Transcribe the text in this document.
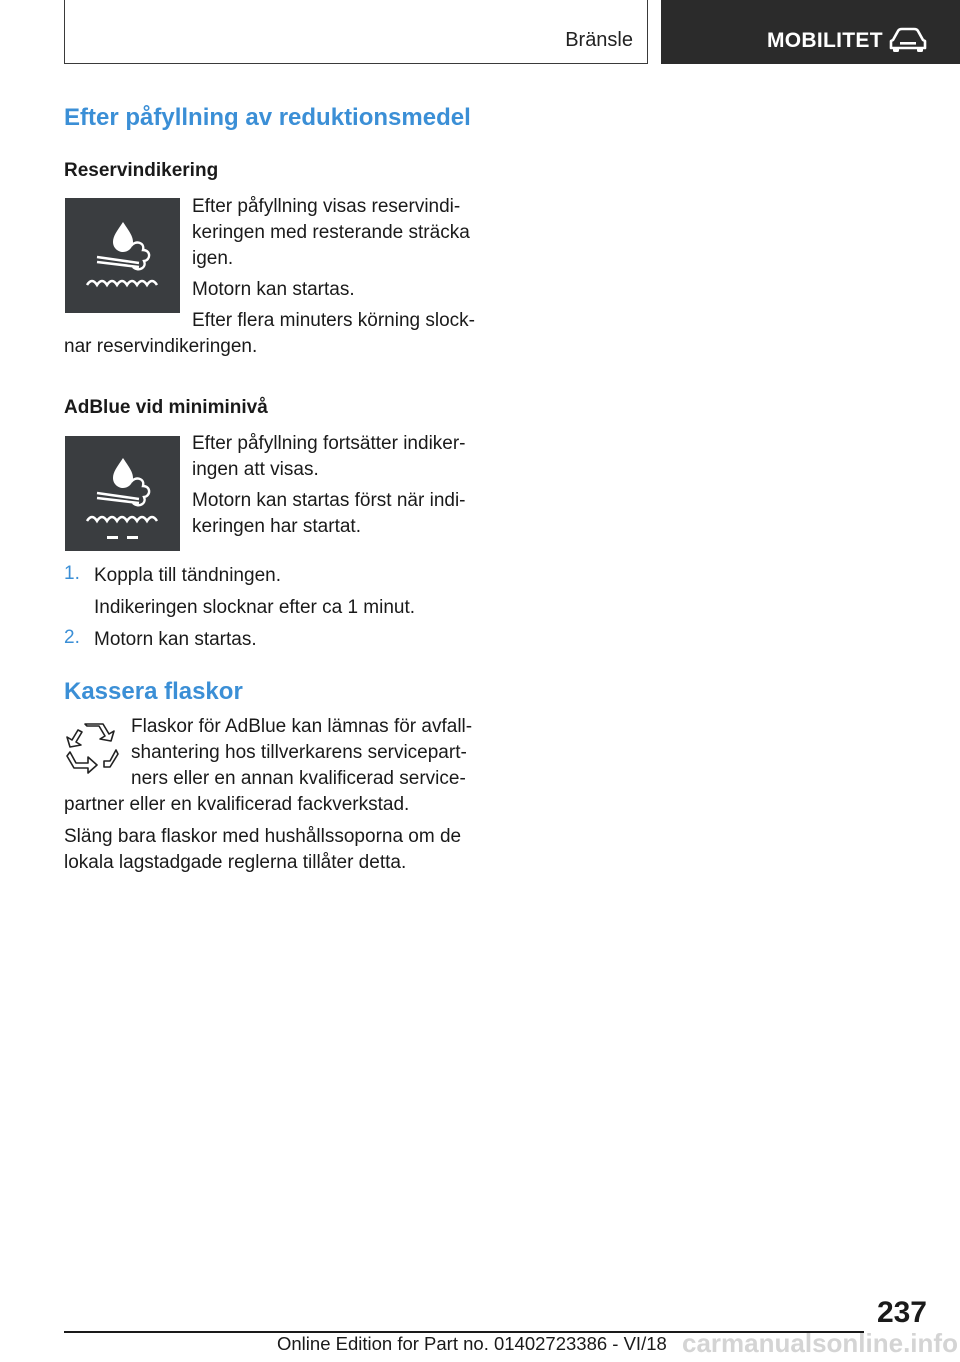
Bränsle	MOBILITET
Efter påfyllning av reduktionsmedel
Reservindikering
Efter påfyllning visas reservindi-
keringen med resterande sträcka
igen.
Motorn kan startas.
Efter flera minuters körning slock-
nar reservindikeringen.
AdBlue vid miniminivå
Efter påfyllning fortsätter indiker-
ingen att visas.
Motorn kan startas först när indi-
keringen har startat.
1. Koppla till tändningen.
Indikeringen slocknar efter ca 1 minut.
2. Motorn kan startas.
Kassera flaskor
Flaskor för AdBlue kan lämnas för avfall-
shantering hos tillverkarens servicepart-
ners eller en annan kvalificerad service-
partner eller en kvalificerad fackverkstad.
Släng bara flaskor med hushållssoporna om de
lokala lagstadgade reglerna tillåter detta.
237
Online Edition for Part no. 01402723386 - VI/18 carmanualsonline.info
